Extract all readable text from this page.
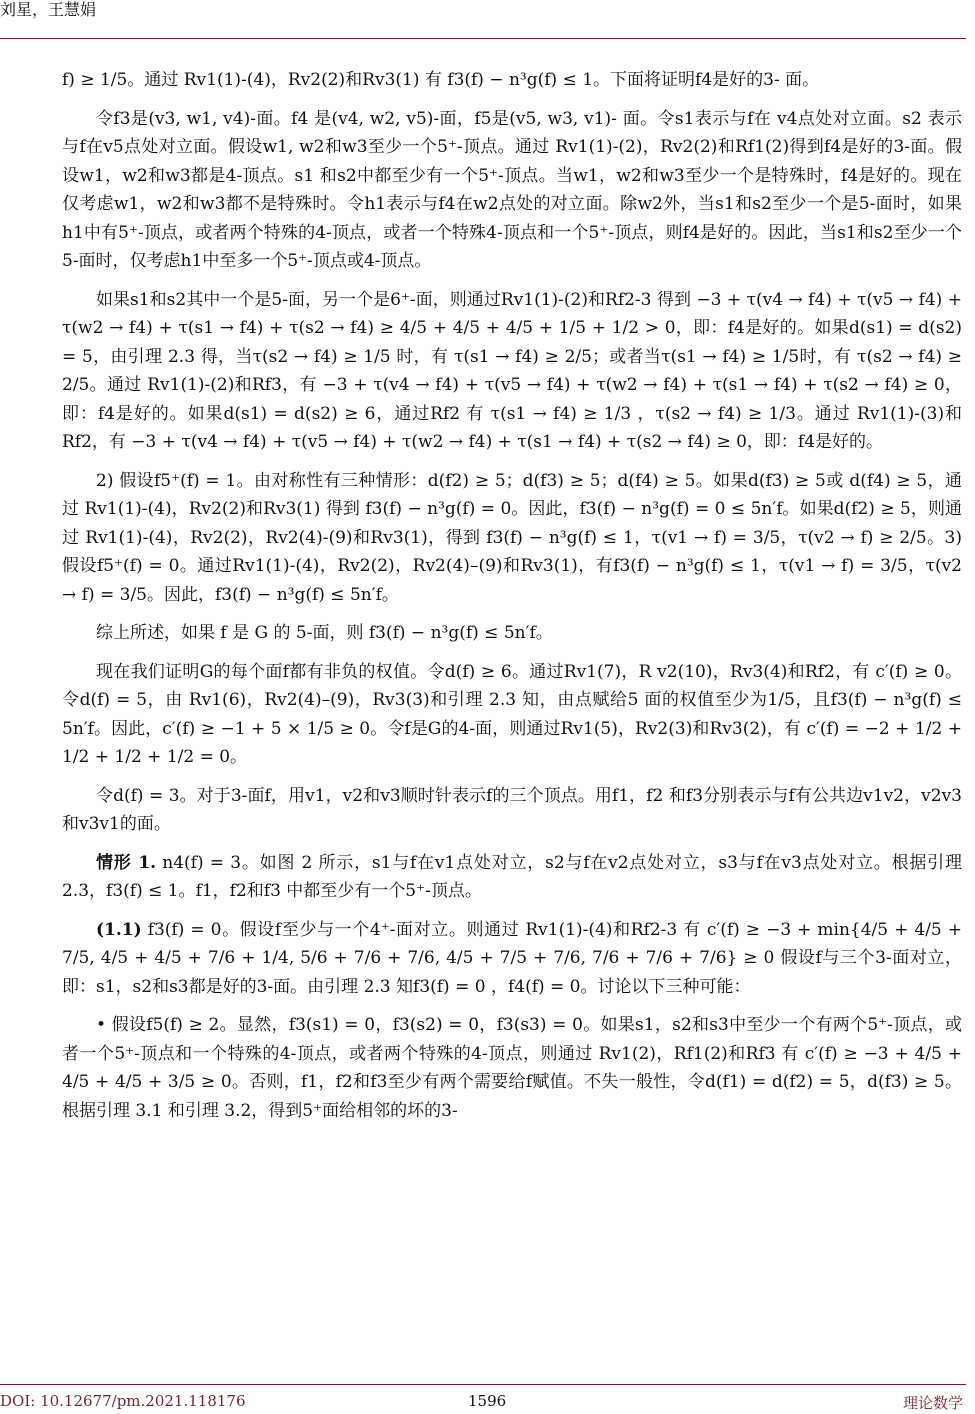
刘星，王慧娟

f) ≥ 1/5。通过 Rv1(1)-(4)，Rv2(2)和Rv3(1) 有 f3(f) − n³g(f) ≤ 1。下面将证明f4是好的3- 面。

令f3是(v3, w1, v4)-面。f4 是(v4, w2, v5)-面，f5是(v5, w3, v1)- 面。令s1表示与f在 v4点处对立面。s2 表示与f在v5点处对立面。假设w1, w2和w3至少一个5⁺-顶点。通过 Rv1(1)-(2)，Rv2(2)和Rf1(2)得到f4是好的3-面。假设w1，w2和w3都是4-顶点。s1 和s2中都至少有一个5⁺-顶点。当w1，w2和w3至少一个是特殊时，f4是好的。现在仅考虑w1，w2和w3都不是特殊时。令h1表示与f4在w2点处的对立面。除w2外，当s1和s2至少一个是5-面时，如果h1中有5⁺-顶点，或者两个特殊的4-顶点，或者一个特殊4-顶点和一个5⁺-顶点，则f4是好的。因此，当s1和s2至少一个5-面时，仅考虑h1中至多一个5⁺-顶点或4-顶点。

如果s1和s2其中一个是5-面，另一个是6⁺-面，则通过Rv1(1)-(2)和Rf2-3 得到 −3 + τ(v4 → f4) + τ(v5 → f4) + τ(w2 → f4) + τ(s1 → f4) + τ(s2 → f4) ≥ 4/5 + 4/5 + 4/5 + 1/5 + 1/2 > 0，即：f4是好的。如果d(s1) = d(s2) = 5，由引理 2.3 得，当τ(s2 → f4) ≥ 1/5 时，有 τ(s1 → f4) ≥ 2/5；或者当τ(s1 → f4) ≥ 1/5时，有 τ(s2 → f4) ≥ 2/5。通过 Rv1(1)-(2)和Rf3，有 −3 + τ(v4 → f4) + τ(v5 → f4) + τ(w2 → f4) + τ(s1 → f4) + τ(s2 → f4) ≥ 0，即：f4是好的。如果d(s1) = d(s2) ≥ 6，通过Rf2 有 τ(s1 → f4) ≥ 1/3 ，τ(s2 → f4) ≥ 1/3。通过 Rv1(1)-(3)和Rf2，有 −3 + τ(v4 → f4) + τ(v5 → f4) + τ(w2 → f4) + τ(s1 → f4) + τ(s2 → f4) ≥ 0，即：f4是好的。

2) 假设f5⁺(f) = 1。由对称性有三种情形：d(f2) ≥ 5；d(f3) ≥ 5；d(f4) ≥ 5。如果d(f3) ≥ 5或 d(f4) ≥ 5，通过 Rv1(1)-(4)，Rv2(2)和Rv3(1) 得到 f3(f) − n³g(f) = 0。因此，f3(f) − n³g(f) = 0 ≤ 5n′f。如果d(f2) ≥ 5，则通过 Rv1(1)-(4)，Rv2(2)，Rv2(4)-(9)和Rv3(1)，得到 f3(f) − n³g(f) ≤ 1，τ(v1 → f) = 3/5，τ(v2 → f) ≥ 2/5。3) 假设f5⁺(f) = 0。通过Rv1(1)-(4)，Rv2(2)，Rv2(4)–(9)和Rv3(1)，有f3(f) − n³g(f) ≤ 1，τ(v1 → f) = 3/5，τ(v2 → f) = 3/5。因此，f3(f) − n³g(f) ≤ 5n′f。

综上所述，如果 f 是 G 的 5-面，则 f3(f) − n³g(f) ≤ 5n′f。

现在我们证明G的每个面f都有非负的权值。令d(f) ≥ 6。通过Rv1(7)，R v2(10)，Rv3(4)和Rf2，有 c′(f) ≥ 0。令d(f) = 5，由 Rv1(6)，Rv2(4)–(9)，Rv3(3)和引理 2.3 知，由点赋给5 面的权值至少为1/5，且f3(f) − n³g(f) ≤ 5n′f。因此，c′(f) ≥ −1 + 5 × 1/5 ≥ 0。令f是G的4-面，则通过Rv1(5)，Rv2(3)和Rv3(2)，有 c′(f) = −2 + 1/2 + 1/2 + 1/2 + 1/2 = 0。

令d(f) = 3。对于3-面f，用v1，v2和v3顺时针表示f的三个顶点。用f1，f2 和f3分别表示与f有公共边v1v2，v2v3和v3v1的面。

情形 1. n4(f) = 3。如图 2 所示，s1与f在v1点处对立，s2与f在v2点处对立，s3与f在v3点处对立。根据引理 2.3，f3(f) ≤ 1。f1，f2和f3 中都至少有一个5⁺-顶点。

(1.1) f3(f) = 0。假设f至少与一个4⁺-面对立。则通过 Rv1(1)-(4)和Rf2-3 有 c′(f) ≥ −3 + min{4/5 + 4/5 + 7/5, 4/5 + 4/5 + 7/6 + 1/4, 5/6 + 7/6 + 7/6, 4/5 + 7/5 + 7/6, 7/6 + 7/6 + 7/6} ≥ 0 假设f与三个3-面对立，即：s1，s2和s3都是好的3-面。由引理 2.3 知f3(f) = 0 ，f4(f) = 0。讨论以下三种可能：

• 假设f5(f) ≥ 2。显然，f3(s1) = 0，f3(s2) = 0，f3(s3) = 0。如果s1，s2和s3中至少一个有两个5⁺-顶点，或者一个5⁺-顶点和一个特殊的4-顶点，或者两个特殊的4-顶点，则通过 Rv1(2)，Rf1(2)和Rf3 有 c′(f) ≥ −3 + 4/5 + 4/5 + 4/5 + 3/5 ≥ 0。否则，f1，f2和f3至少有两个需要给f赋值。不失一般性，令d(f1) = d(f2) = 5，d(f3) ≥ 5。根据引理 3.1 和引理 3.2，得到5⁺面给相邻的坏的3-

DOI: 10.12677/pm.2021.118176	1596	理论数学
